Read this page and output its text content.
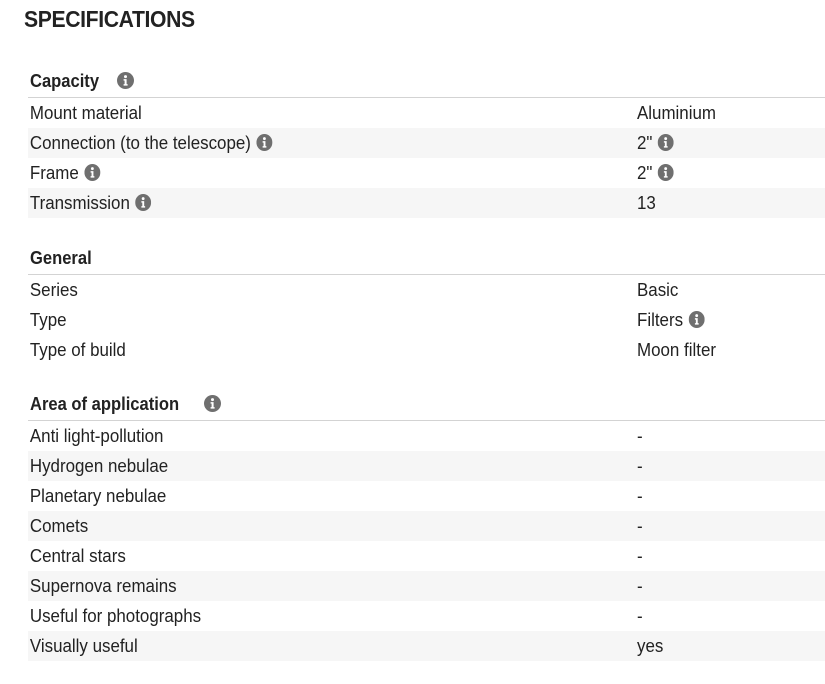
SPECIFICATIONS
Capacity
Mount material	Aluminium
Connection (to the telescope)	2"
Frame	2"
Transmission	13
General
Series	Basic
Type	Filters
Type of build	Moon filter
Area of application
Anti light-pollution	-
Hydrogen nebulae	-
Planetary nebulae	-
Comets	-
Central stars	-
Supernova remains	-
Useful for photographs	-
Visually useful	yes
